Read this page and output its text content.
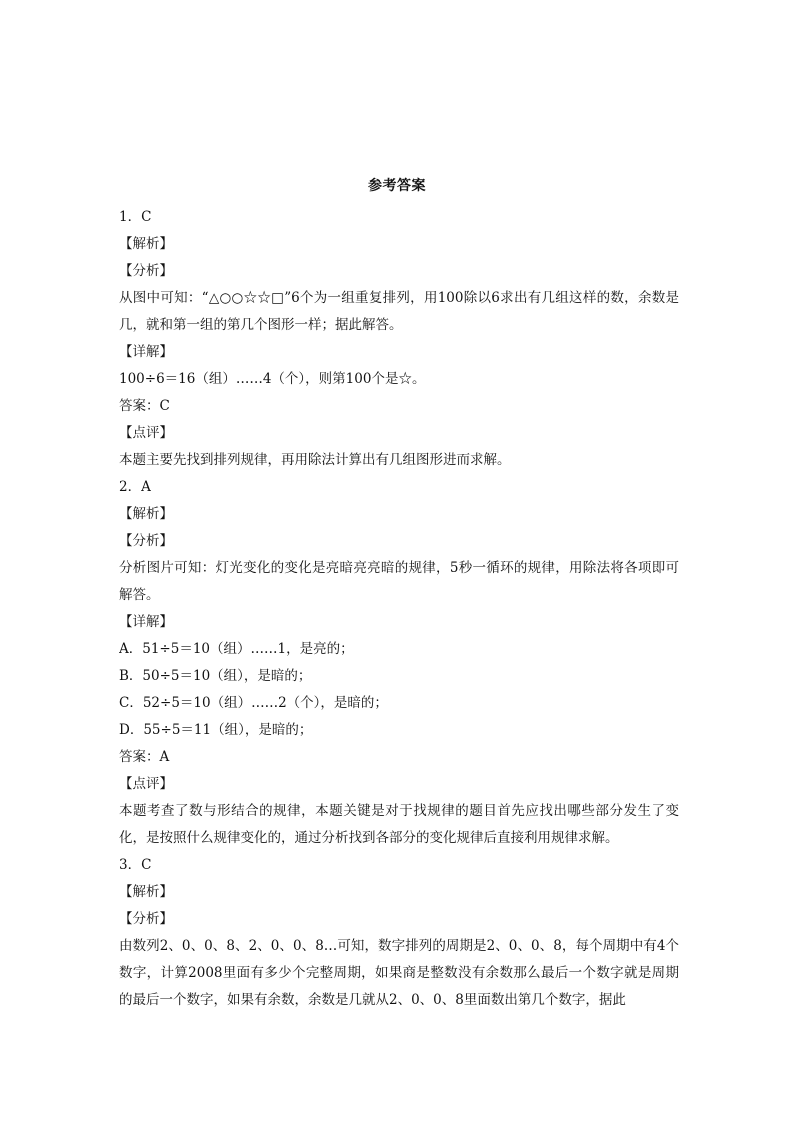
参考答案
1．C
【解析】
【分析】
从图中可知：“△○○☆☆□”6个为一组重复排列，用100除以6求出有几组这样的数，余数是几，就和第一组的第几个图形一样；据此解答。
【详解】
100÷6＝16（组）……4（个），则第100个是☆。
答案：C
【点评】
本题主要先找到排列规律，再用除法计算出有几组图形进而求解。
2．A
【解析】
【分析】
分析图片可知：灯光变化的变化是亮暗亮亮暗的规律，5秒一循环的规律，用除法将各项即可解答。
【详解】
A．51÷5＝10（组）……1，是亮的；
B．50÷5＝10（组），是暗的；
C．52÷5＝10（组）……2（个），是暗的；
D．55÷5＝11（组），是暗的；
答案：A
【点评】
本题考查了数与形结合的规律，本题关键是对于找规律的题目首先应找出哪些部分发生了变化，是按照什么规律变化的，通过分析找到各部分的变化规律后直接利用规律求解。
3．C
【解析】
【分析】
由数列2、0、0、8、2、0、0、8…可知，数字排列的周期是2、0、0、8，每个周期中有4个数字，计算2008里面有多少个完整周期，如果商是整数没有余数那么最后一个数字就是周期的最后一个数字，如果有余数，余数是几就从2、0、0、8里面数出第几个数字，据此
